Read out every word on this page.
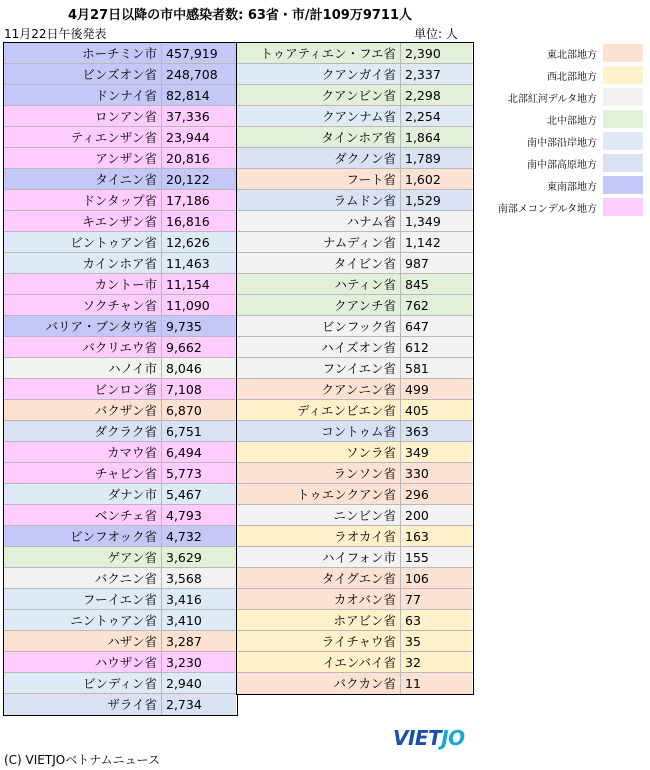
4月27日以降の市中感染者数: 63省・市/計109万9711人
11月22日午後発表	単位: 人
ホーチミン市 457,919
ビンズオン省 248,708
ドンナイ省 82,814
ロンアン省 37,336
ティエンザン省 23,944
アンザン省 20,816
タイニン省 20,122
ドンタップ省 17,186
キエンザン省 16,816
ビントゥアン省 12,626
カインホア省 11,463
カントー市 11,154
ソクチャン省 11,090
バリア・ブンタウ省 9,735
バクリエウ省 9,662
ハノイ市 8,046
ビンロン省 7,108
バクザン省 6,870
ダクラク省 6,751
カマウ省 6,494
チャビン省 5,773
ダナン市 5,467
ベンチェ省 4,793
ビンフオック省 4,732
ゲアン省 3,629
バクニン省 3,568
フーイエン省 3,416
ニントゥアン省 3,410
ハザン省 3,287
ハウザン省 3,230
ビンディン省 2,940
ザライ省 2,734
トゥアティエン・フエ省 2,390
クアンガイ省 2,337
クアンビン省 2,298
クアンナム省 2,254
タインホア省 1,864
ダクノン省 1,789
フート省 1,602
ラムドン省 1,529
ハナム省 1,349
ナムディン省 1,142
タイビン省 987
ハティン省 845
クアンチ省 762
ビンフック省 647
ハイズオン省 612
フンイエン省 581
クアンニン省 499
ディエンビエン省 405
コントゥム省 363
ソンラ省 349
ランソン省 330
トゥエンクアン省 296
ニンビン省 200
ラオカイ省 163
ハイフォン市 155
タイグエン省 106
カオバン省 77
ホアビン省 63
ライチャウ省 35
イエンバイ省 32
バクカン省 11
東北部地方
西北部地方
北部紅河デルタ地方
北中部地方
南中部沿岸地方
南中部高原地方
東南部地方
南部メコンデルタ地方
VIETJO
(C) VIETJOベトナムニュース
